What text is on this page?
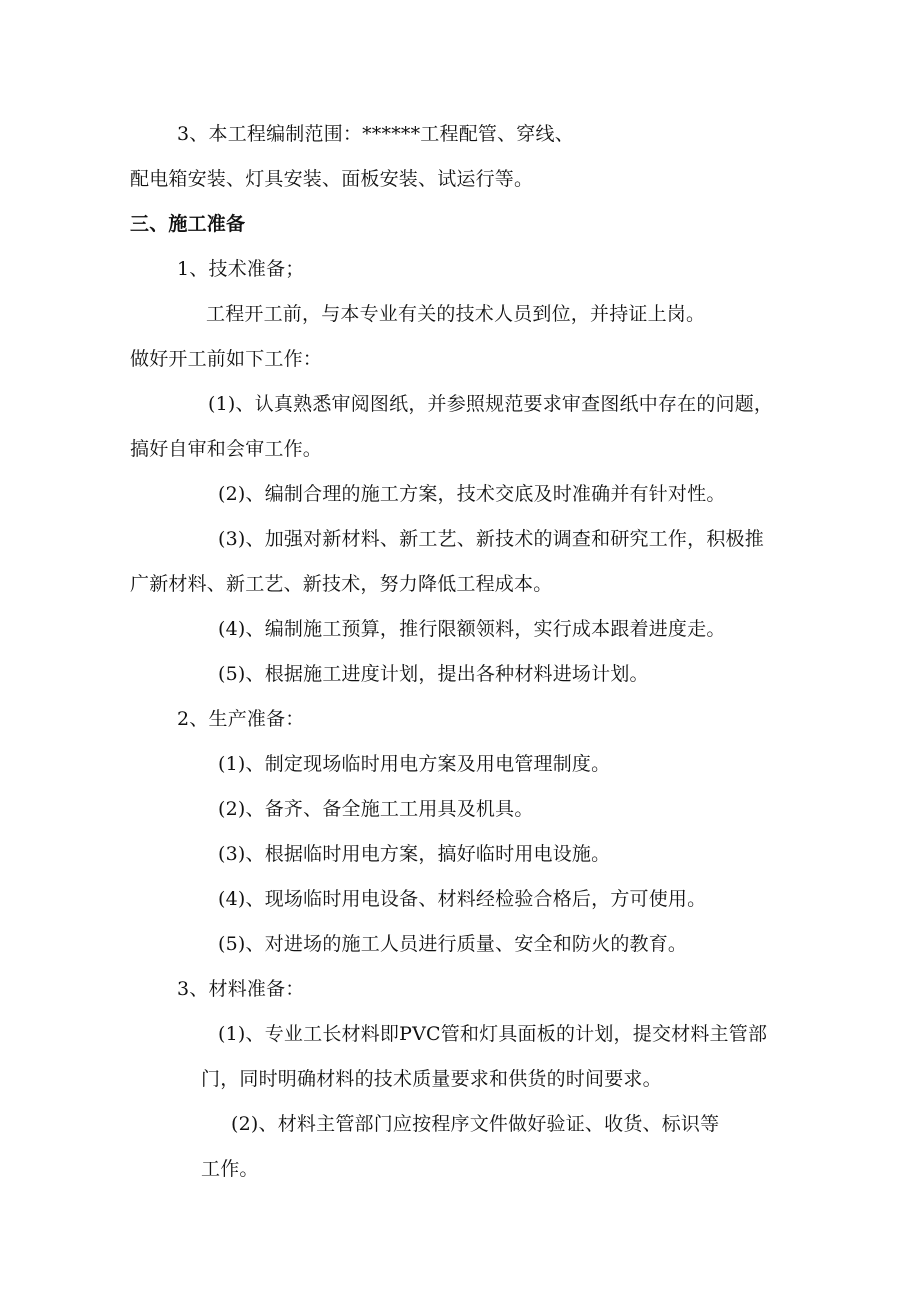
3、本工程编制范围：******工程配管、穿线、
配电箱安装、灯具安装、面板安装、试运行等。
三、施工准备
1、技术准备；
工程开工前，与本专业有关的技术人员到位，并持证上岗。
做好开工前如下工作：
(1)、认真熟悉审阅图纸，并参照规范要求审查图纸中存在的问题，
搞好自审和会审工作。
(2)、编制合理的施工方案，技术交底及时准确并有针对性。
(3)、加强对新材料、新工艺、新技术的调查和研究工作，积极推
广新材料、新工艺、新技术，努力降低工程成本。
(4)、编制施工预算，推行限额领料，实行成本跟着进度走。
(5)、根据施工进度计划，提出各种材料进场计划。
2、生产准备：
(1)、制定现场临时用电方案及用电管理制度。
(2)、备齐、备全施工工用具及机具。
(3)、根据临时用电方案，搞好临时用电设施。
(4)、现场临时用电设备、材料经检验合格后，方可使用。
(5)、对进场的施工人员进行质量、安全和防火的教育。
3、材料准备：
(1)、专业工长材料即PVC管和灯具面板的计划，提交材料主管部
门，同时明确材料的技术质量要求和供货的时间要求。
(2)、材料主管部门应按程序文件做好验证、收货、标识等
工作。
